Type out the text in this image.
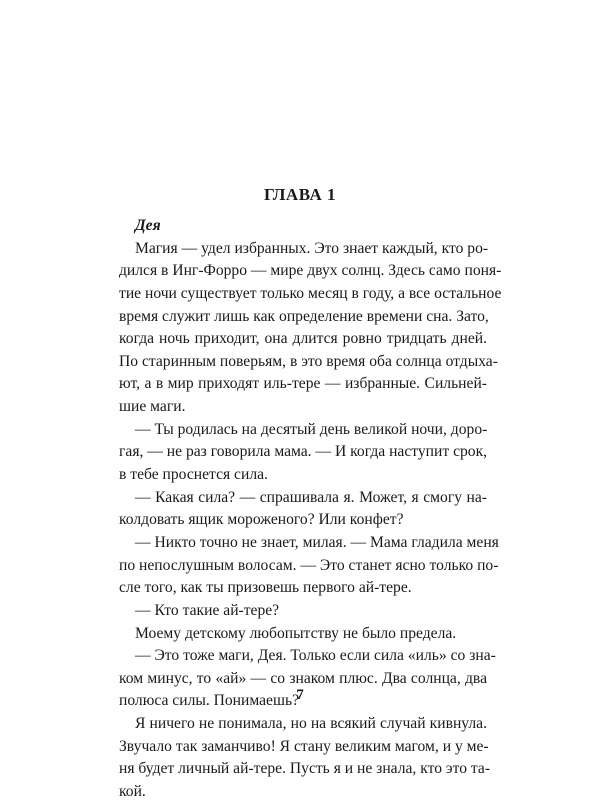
ГЛАВА 1
Дея
Магия — удел избранных. Это знает каждый, кто ро-
дился в Инг-Форро — мире двух солнц. Здесь само поня-
тие ночи существует только месяц в году, а все остальное
время служит лишь как определение времени сна. Зато,
когда ночь приходит, она длится ровно тридцать дней.
По старинным поверьям, в это время оба солнца отдыха-
ют, а в мир приходят иль-тере — избранные. Сильней-
шие маги.
— Ты родилась на десятый день великой ночи, доро-
гая, — не раз говорила мама. — И когда наступит срок,
в тебе проснется сила.
— Какая сила? — спрашивала я. Может, я смогу на-
колдовать ящик мороженого? Или конфет?
— Никто точно не знает, милая. — Мама гладила меня
по непослушным волосам. — Это станет ясно только по-
сле того, как ты призовешь первого ай-тере.
— Кто такие ай-тере?
Моему детскому любопытству не было предела.
— Это тоже маги, Дея. Только если сила «иль» со зна-
ком минус, то «ай» — со знаком плюс. Два солнца, два
полюса силы. Понимаешь?
Я ничего не понимала, но на всякий случай кивнула.
Звучало так заманчиво! Я стану великим магом, и у ме-
ня будет личный ай-тере. Пусть я и не знала, кто это та-
кой.
7
